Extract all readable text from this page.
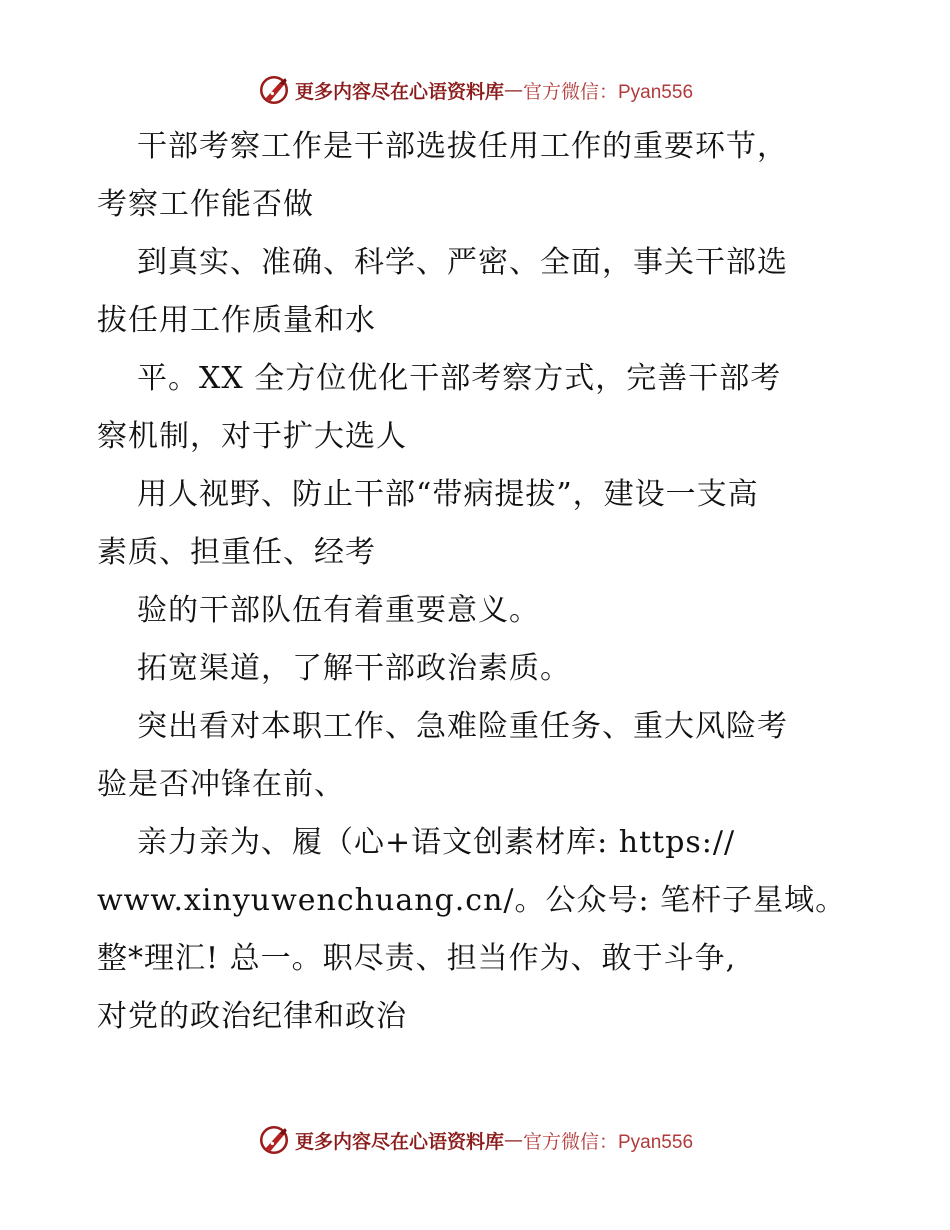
更多内容尽在心语资料库 — 官方微信：Pyan556
干部考察工作是干部选拔任用工作的重要环节，
考察工作能否做
到真实、准确、科学、严密、全面，事关干部选
拔任用工作质量和水
平。XX 全方位优化干部考察方式，完善干部考
察机制，对于扩大选人
用人视野、防止干部“带病提拔”，建设一支高
素质、担重任、经考
验的干部队伍有着重要意义。
拓宽渠道，了解干部政治素质。
突出看对本职工作、急难险重任务、重大风险考
验是否冲锋在前、
亲力亲为、履（心+语文创素材库: https://
www.xinyuwenchuang.cn/。公众号: 笔杆子星域。
整*理汇! 总一。职尽责、担当作为、敢于斗争,
对党的政治纪律和政治
更多内容尽在心语资料库 — 官方微信：Pyan556
